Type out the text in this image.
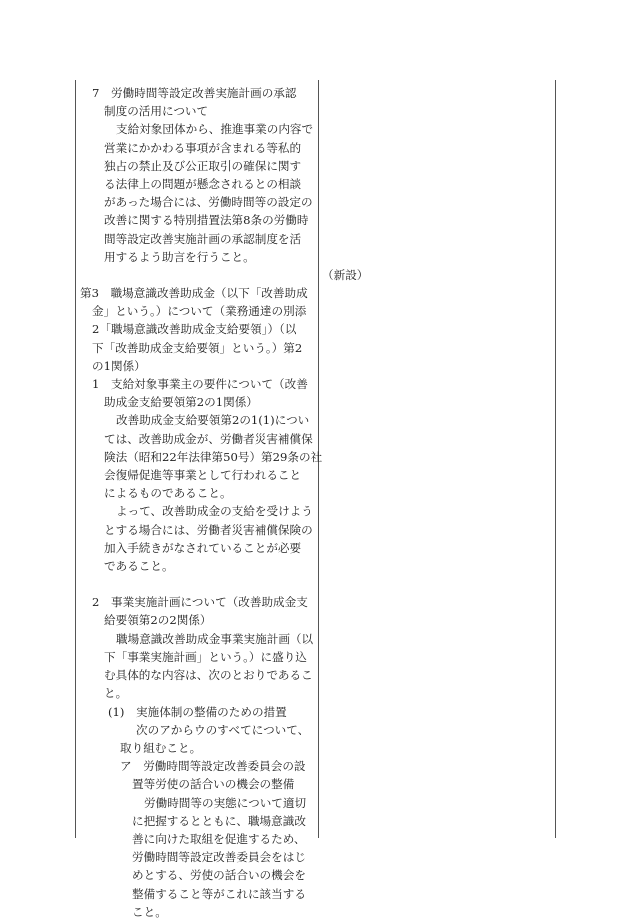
7　労働時間等設定改善実施計画の承認
制度の活用について
支給対象団体から、推進事業の内容で
営業にかかわる事項が含まれる等私的
独占の禁止及び公正取引の確保に関す
る法律上の問題が懸念されるとの相談
があった場合には、労働時間等の設定の
改善に関する特別措置法第8条の労働時
間等設定改善実施計画の承認制度を活
用するよう助言を行うこと。
第3　職場意識改善助成金（以下「改善助成
金」という。）について（業務通達の別添
2「職場意識改善助成金支給要領」）（以
下「改善助成金支給要領」という。）第2
の1関係）
1　支給対象事業主の要件について（改善
助成金支給要領第2の1関係）
改善助成金支給要領第2の1(1)につい
ては、改善助成金が、労働者災害補償保
険法（昭和22年法律第50号）第29条の社
会復帰促進等事業として行われること
によるものであること。
よって、改善助成金の支給を受けよう
とする場合には、労働者災害補償保険の
加入手続きがなされていることが必要
であること。
2　事業実施計画について（改善助成金支
給要領第2の2関係）
職場意識改善助成金事業実施計画（以
下「事業実施計画」という。）に盛り込
む具体的な内容は、次のとおりであるこ
と。
(1)　実施体制の整備のための措置
次のアからウのすべてについて、
取り組むこと。
ア　労働時間等設定改善委員会の設
置等労使の話合いの機会の整備
労働時間等の実態について適切
に把握するとともに、職場意識改
善に向けた取組を促進するため、
労働時間等設定改善委員会をはじ
めとする、労使の話合いの機会を
整備すること等がこれに該当する
こと。
（新設）
